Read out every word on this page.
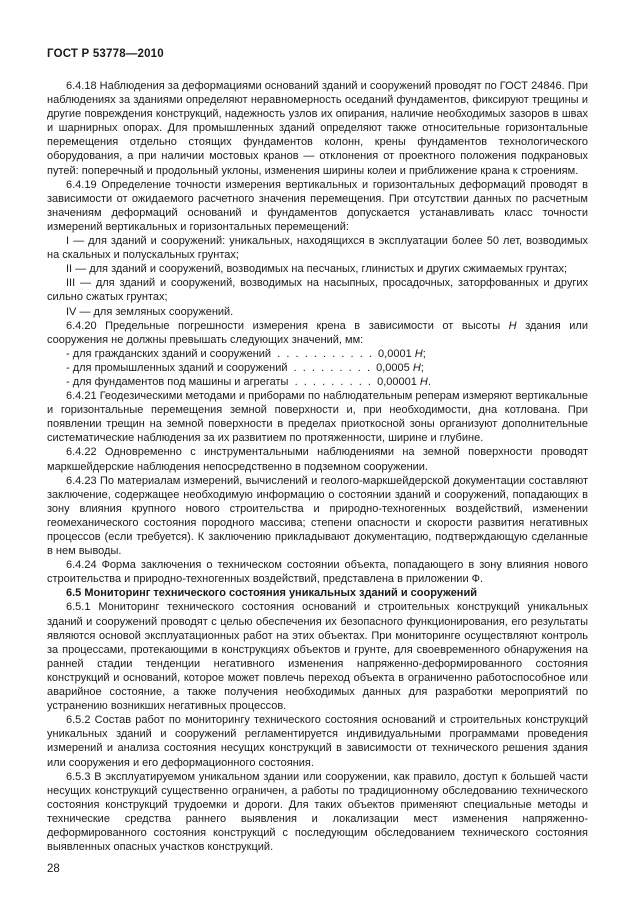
ГОСТ Р 53778—2010

6.4.18 Наблюдения за деформациями оснований зданий и сооружений проводят по ГОСТ 24846. При наблюдениях за зданиями определяют неравномерность оседаний фундаментов, фиксируют трещины и другие повреждения конструкций, надежность узлов их опирания, наличие необходимых зазоров в швах и шарнирных опорах. Для промышленных зданий определяют также относительные горизонтальные перемещения отдельно стоящих фундаментов колонн, крены фундаментов технологического оборудования, а при наличии мостовых кранов — отклонения от проектного положения подкрановых путей: поперечный и продольный уклоны, изменения ширины колеи и приближение крана к строениям.

6.4.19 Определение точности измерения вертикальных и горизонтальных деформаций проводят в зависимости от ожидаемого расчетного значения перемещения. При отсутствии данных по расчетным значениям деформаций оснований и фундаментов допускается устанавливать класс точности измерений вертикальных и горизонтальных перемещений:

I — для зданий и сооружений: уникальных, находящихся в эксплуатации более 50 лет, возводимых на скальных и полускальных грунтах;

II — для зданий и сооружений, возводимых на песчаных, глинистых и других сжимаемых грунтах;

III — для зданий и сооружений, возводимых на насыпных, просадочных, заторфованных и других сильно сжатых грунтах;

IV — для земляных сооружений.

6.4.20 Предельные погрешности измерения крена в зависимости от высоты H здания или сооружения не должны превышать следующих значений, мм:

- для гражданских зданий и сооружений  .  .  .  .  .  .  .  .  .  .  .  0,0001 H;

- для промышленных зданий и сооружений  .  .  .  .  .  .  .  .  .  0,0005 H;

- для фундаментов под машины и агрегаты  .  .  .  .  .  .  .  .  .  0,00001 H.

6.4.21 Геодезическими методами и приборами по наблюдательным реперам измеряют вертикальные и горизонтальные перемещения земной поверхности и, при необходимости, дна котлована. При появлении трещин на земной поверхности в пределах приоткосной зоны организуют дополнительные систематические наблюдения за их развитием по протяженности, ширине и глубине.

6.4.22 Одновременно с инструментальными наблюдениями на земной поверхности проводят маркшейдерские наблюдения непосредственно в подземном сооружении.

6.4.23 По материалам измерений, вычислений и геолого-маркшейдерской документации составляют заключение, содержащее необходимую информацию о состоянии зданий и сооружений, попадающих в зону влияния крупного нового строительства и природно-техногенных воздействий, изменении геомеханического состояния породного массива; степени опасности и скорости развития негативных процессов (если требуется). К заключению прикладывают документацию, подтверждающую сделанные в нем выводы.

6.4.24 Форма заключения о техническом состоянии объекта, попадающего в зону влияния нового строительства и природно-техногенных воздействий, представлена в приложении Ф.

6.5 Мониторинг технического состояния уникальных зданий и сооружений

6.5.1 Мониторинг технического состояния оснований и строительных конструкций уникальных зданий и сооружений проводят с целью обеспечения их безопасного функционирования, его результаты являются основой эксплуатационных работ на этих объектах. При мониторинге осуществляют контроль за процессами, протекающими в конструкциях объектов и грунте, для своевременного обнаружения на ранней стадии тенденции негативного изменения напряженно-деформированного состояния конструкций и оснований, которое может повлечь переход объекта в ограниченно работоспособное или аварийное состояние, а также получения необходимых данных для разработки мероприятий по устранению возникших негативных процессов.

6.5.2 Состав работ по мониторингу технического состояния оснований и строительных конструкций уникальных зданий и сооружений регламентируется индивидуальными программами проведения измерений и анализа состояния несущих конструкций в зависимости от технического решения здания или сооружения и его деформационного состояния.

6.5.3 В эксплуатируемом уникальном здании или сооружении, как правило, доступ к большей части несущих конструкций существенно ограничен, а работы по традиционному обследованию технического состояния конструкций трудоемки и дороги. Для таких объектов применяют специальные методы и технические средства раннего выявления и локализации мест изменения напряженно-деформированного состояния конструкций с последующим обследованием технического состояния выявленных опасных участков конструкций.

28
